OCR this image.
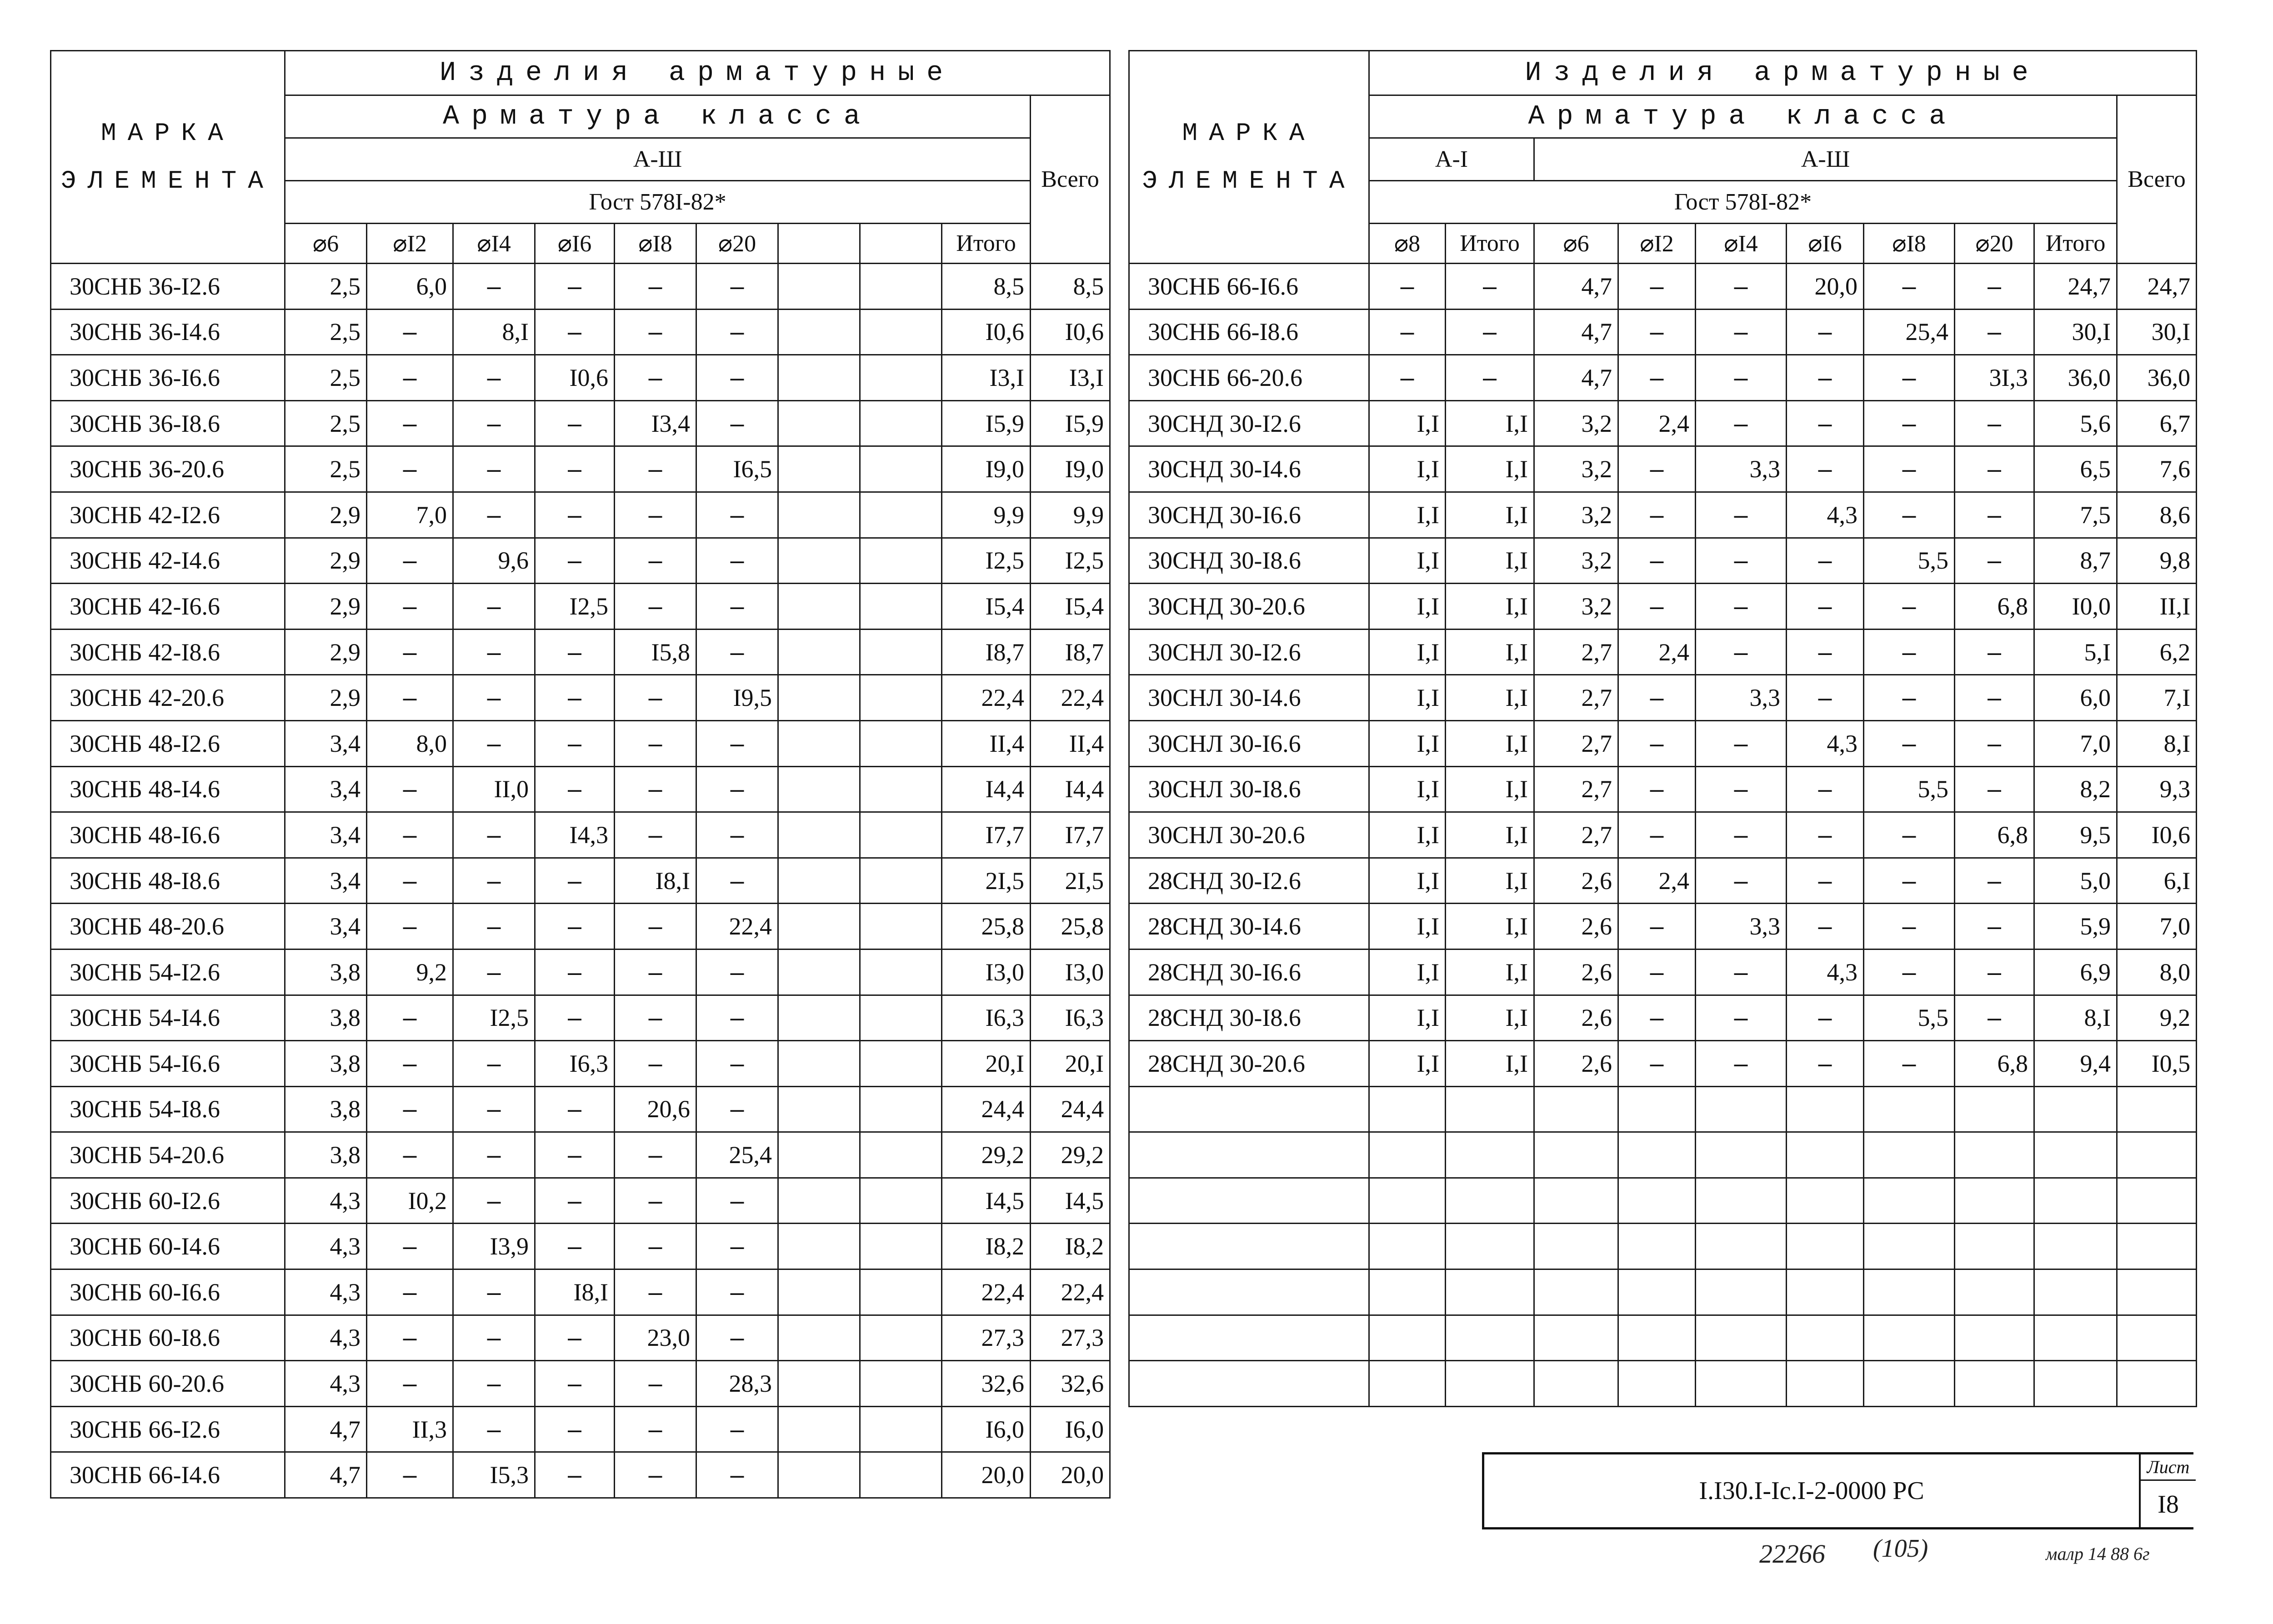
МАРКА ЭЛЕМЕНТА	Изделия арматурные									
	Арматура класса									Всего
	А-Ш									
	Гост 578I-82*									
	⌀6	⌀I2	⌀I4	⌀I6	⌀I8	⌀20			Итого	
30СНБ 36-I2.6	2,5	6,0	–	–	–	–			8,5	8,5
30СНБ 36-I4.6	2,5	–	8,I	–	–	–			I0,6	I0,6
30СНБ 36-I6.6	2,5	–	–	I0,6	–	–			I3,I	I3,I
30СНБ 36-I8.6	2,5	–	–	–	I3,4	–			I5,9	I5,9
30СНБ 36-20.6	2,5	–	–	–	–	I6,5			I9,0	I9,0
30СНБ 42-I2.6	2,9	7,0	–	–	–	–			9,9	9,9
30СНБ 42-I4.6	2,9	–	9,6	–	–	–			I2,5	I2,5
30СНБ 42-I6.6	2,9	–	–	I2,5	–	–			I5,4	I5,4
30СНБ 42-I8.6	2,9	–	–	–	I5,8	–			I8,7	I8,7
30СНБ 42-20.6	2,9	–	–	–	–	I9,5			22,4	22,4
30СНБ 48-I2.6	3,4	8,0	–	–	–	–			II,4	II,4
30СНБ 48-I4.6	3,4	–	II,0	–	–	–			I4,4	I4,4
30СНБ 48-I6.6	3,4	–	–	I4,3	–	–			I7,7	I7,7
30СНБ 48-I8.6	3,4	–	–	–	I8,I	–			2I,5	2I,5
30СНБ 48-20.6	3,4	–	–	–	–	22,4			25,8	25,8
30СНБ 54-I2.6	3,8	9,2	–	–	–	–			I3,0	I3,0
30СНБ 54-I4.6	3,8	–	I2,5	–	–	–			I6,3	I6,3
30СНБ 54-I6.6	3,8	–	–	I6,3	–	–			20,I	20,I
30СНБ 54-I8.6	3,8	–	–	–	20,6	–			24,4	24,4
30СНБ 54-20.6	3,8	–	–	–	–	25,4			29,2	29,2
30СНБ 60-I2.6	4,3	I0,2	–	–	–	–			I4,5	I4,5
30СНБ 60-I4.6	4,3	–	I3,9	–	–	–			I8,2	I8,2
30СНБ 60-I6.6	4,3	–	–	I8,I	–	–			22,4	22,4
30СНБ 60-I8.6	4,3	–	–	–	23,0	–			27,3	27,3
30СНБ 60-20.6	4,3	–	–	–	–	28,3			32,6	32,6
30СНБ 66-I2.6	4,7	II,3	–	–	–	–			I6,0	I6,0
30СНБ 66-I4.6	4,7	–	I5,3	–	–	–			20,0	20,0
МАРКА ЭЛЕМЕНТА	Изделия арматурные									
	Арматура класса									Всего
	А-I		А-Ш							
	Гост 578I-82*									
	⌀8	Итого	⌀6	⌀I2	⌀I4	⌀I6	⌀I8	⌀20	Итого	
30СНБ 66-I6.6	–	–	4,7	–	–	20,0	–	–	24,7	24,7
30СНБ 66-I8.6	–	–	4,7	–	–	–	25,4	–	30,I	30,I
30СНБ 66-20.6	–	–	4,7	–	–	–	–	3I,3	36,0	36,0
30СНД 30-I2.6	I,I	I,I	3,2	2,4	–	–	–	–	5,6	6,7
30СНД 30-I4.6	I,I	I,I	3,2	–	3,3	–	–	–	6,5	7,6
30СНД 30-I6.6	I,I	I,I	3,2	–	–	4,3	–	–	7,5	8,6
30СНД 30-I8.6	I,I	I,I	3,2	–	–	–	5,5	–	8,7	9,8
30СНД 30-20.6	I,I	I,I	3,2	–	–	–	–	6,8	I0,0	II,I
30СНЛ 30-I2.6	I,I	I,I	2,7	2,4	–	–	–	–	5,I	6,2
30СНЛ 30-I4.6	I,I	I,I	2,7	–	3,3	–	–	–	6,0	7,I
30СНЛ 30-I6.6	I,I	I,I	2,7	–	–	4,3	–	–	7,0	8,I
30СНЛ 30-I8.6	I,I	I,I	2,7	–	–	–	5,5	–	8,2	9,3
30СНЛ 30-20.6	I,I	I,I	2,7	–	–	–	–	6,8	9,5	I0,6
28СНД 30-I2.6	I,I	I,I	2,6	2,4	–	–	–	–	5,0	6,I
28СНД 30-I4.6	I,I	I,I	2,6	–	3,3	–	–	–	5,9	7,0
28СНД 30-I6.6	I,I	I,I	2,6	–	–	4,3	–	–	6,9	8,0
28СНД 30-I8.6	I,I	I,I	2,6	–	–	–	5,5	–	8,I	9,2
28СНД 30-20.6	I,I	I,I	2,6	–	–	–	–	6,8	9,4	I0,5

I.I30.I-Ic.I-2-0000 РС
Лист
I8
22266 (105)	малр 14 88 6г
